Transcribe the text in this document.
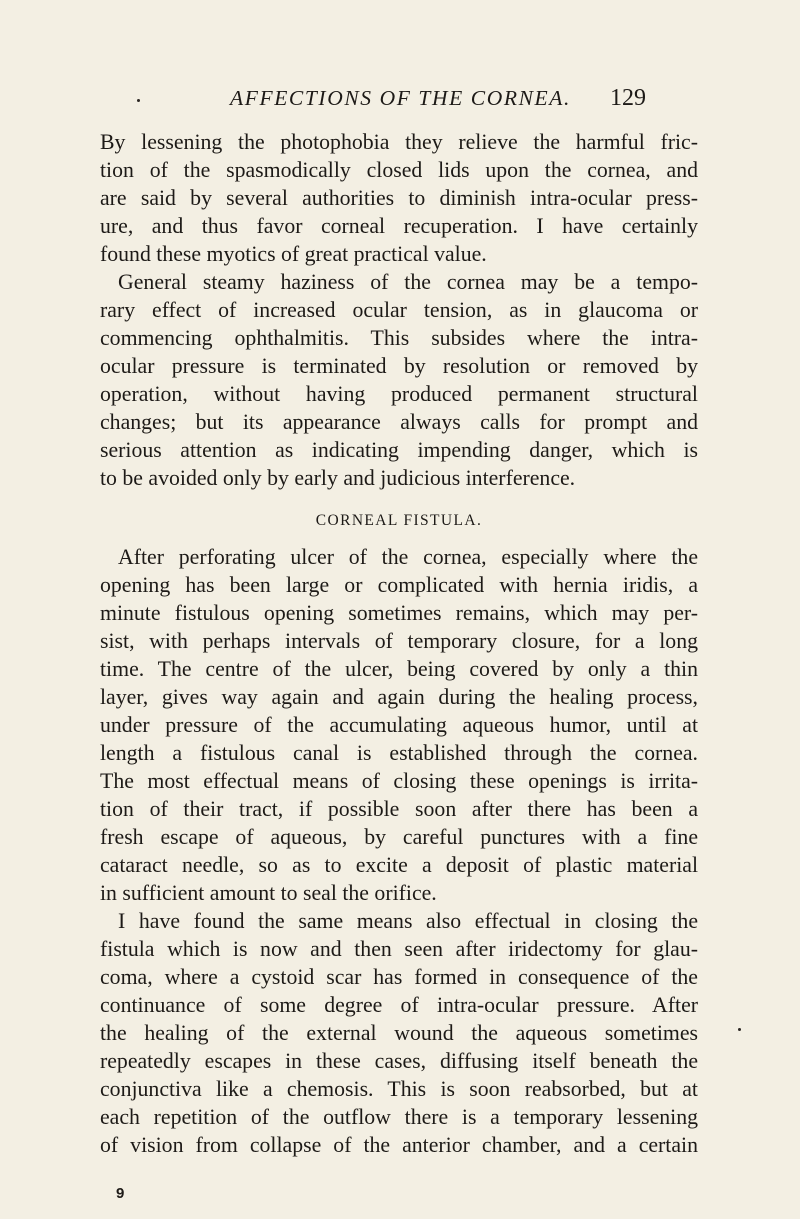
AFFECTIONS OF THE CORNEA. 129

By lessening the photophobia they relieve the harmful fric-

tion of the spasmodically closed lids upon the cornea, and

are said by several authorities to diminish intra-ocular press-

ure, and thus favor corneal recuperation. I have certainly

found these myotics of great practical value.

General steamy haziness of the cornea may be a tempo-

rary effect of increased ocular tension, as in glaucoma or

commencing ophthalmitis. This subsides where the intra-

ocular pressure is terminated by resolution or removed by

operation, without having produced permanent structural

changes; but its appearance always calls for prompt and

serious attention as indicating impending danger, which is

to be avoided only by early and judicious interference.

CORNEAL FISTULA.

After perforating ulcer of the cornea, especially where the

opening has been large or complicated with hernia iridis, a

minute fistulous opening sometimes remains, which may per-

sist, with perhaps intervals of temporary closure, for a long

time. The centre of the ulcer, being covered by only a thin

layer, gives way again and again during the healing process,

under pressure of the accumulating aqueous humor, until at

length a fistulous canal is established through the cornea.

The most effectual means of closing these openings is irrita-

tion of their tract, if possible soon after there has been a

fresh escape of aqueous, by careful punctures with a fine

cataract needle, so as to excite a deposit of plastic material

in sufficient amount to seal the orifice.

I have found the same means also effectual in closing the

fistula which is now and then seen after iridectomy for glau-

coma, where a cystoid scar has formed in consequence of the

continuance of some degree of intra-ocular pressure. After

the healing of the external wound the aqueous sometimes

repeatedly escapes in these cases, diffusing itself beneath the

conjunctiva like a chemosis. This is soon reabsorbed, but at

each repetition of the outflow there is a temporary lessening

of vision from collapse of the anterior chamber, and a certain

9
